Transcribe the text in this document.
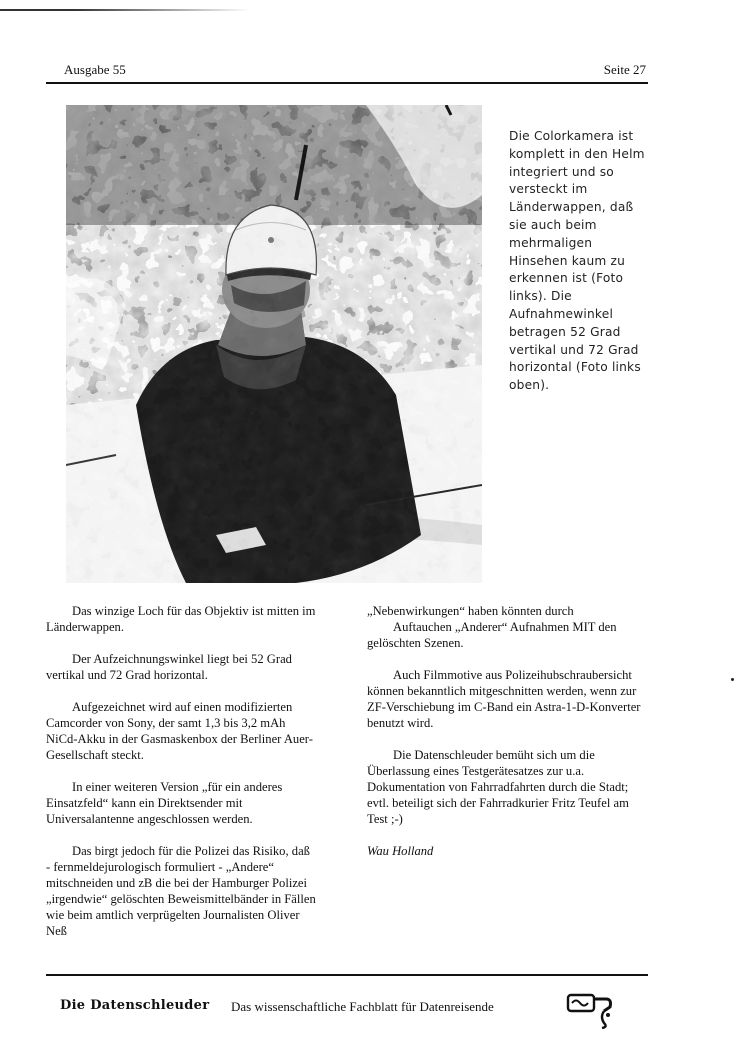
Ausgabe 55	Seite 27
Die Colorkamera ist komplett in den Helm integriert und so versteckt im Länderwappen, daß sie auch beim mehrmaligen Hinsehen kaum zu erkennen ist (Foto links). Die Aufnahmewinkel betragen 52 Grad vertikal und 72 Grad horizontal (Foto links oben).

Das winzige Loch für das Objektiv ist mitten im Länderwappen.

Der Aufzeichnungswinkel liegt bei 52 Grad vertikal und 72 Grad horizontal.

Aufgezeichnet wird auf einen modifizierten Camcorder von Sony, der samt 1,3 bis 3,2 mAh NiCd-Akku in der Gasmaskenbox der Berliner Auer-Gesellschaft steckt.

In einer weiteren Version „für ein anderes Einsatzfeld“ kann ein Direktsender mit Universalantenne angeschlossen werden.

Das birgt jedoch für die Polizei das Risiko, daß - fernmeldejurologisch formuliert - „Andere“ mitschneiden und zB die bei der Hamburger Polizei „irgendwie“ gelöschten Beweismittelbänder in Fällen wie beim amtlich verprügelten Journalisten Oliver Neß

„Nebenwirkungen“ haben könnten durch

Auftauchen „Anderer“ Aufnahmen MIT den gelöschten Szenen.

Auch Filmmotive aus Polizeihubschraubersicht können bekanntlich mitgeschnitten werden, wenn zur ZF-Verschiebung im C-Band ein Astra-1-D-Konverter benutzt wird.

Die Datenschleuder bemüht sich um die Überlassung eines Testgerätesatzes zur u.a. Dokumentation von Fahrradfahrten durch die Stadt; evtl. beteiligt sich der Fahrradkurier Fritz Teufel am Test ;-)

Wau Holland

Die Datenschleuder Das wissenschaftliche Fachblatt für Datenreisende
